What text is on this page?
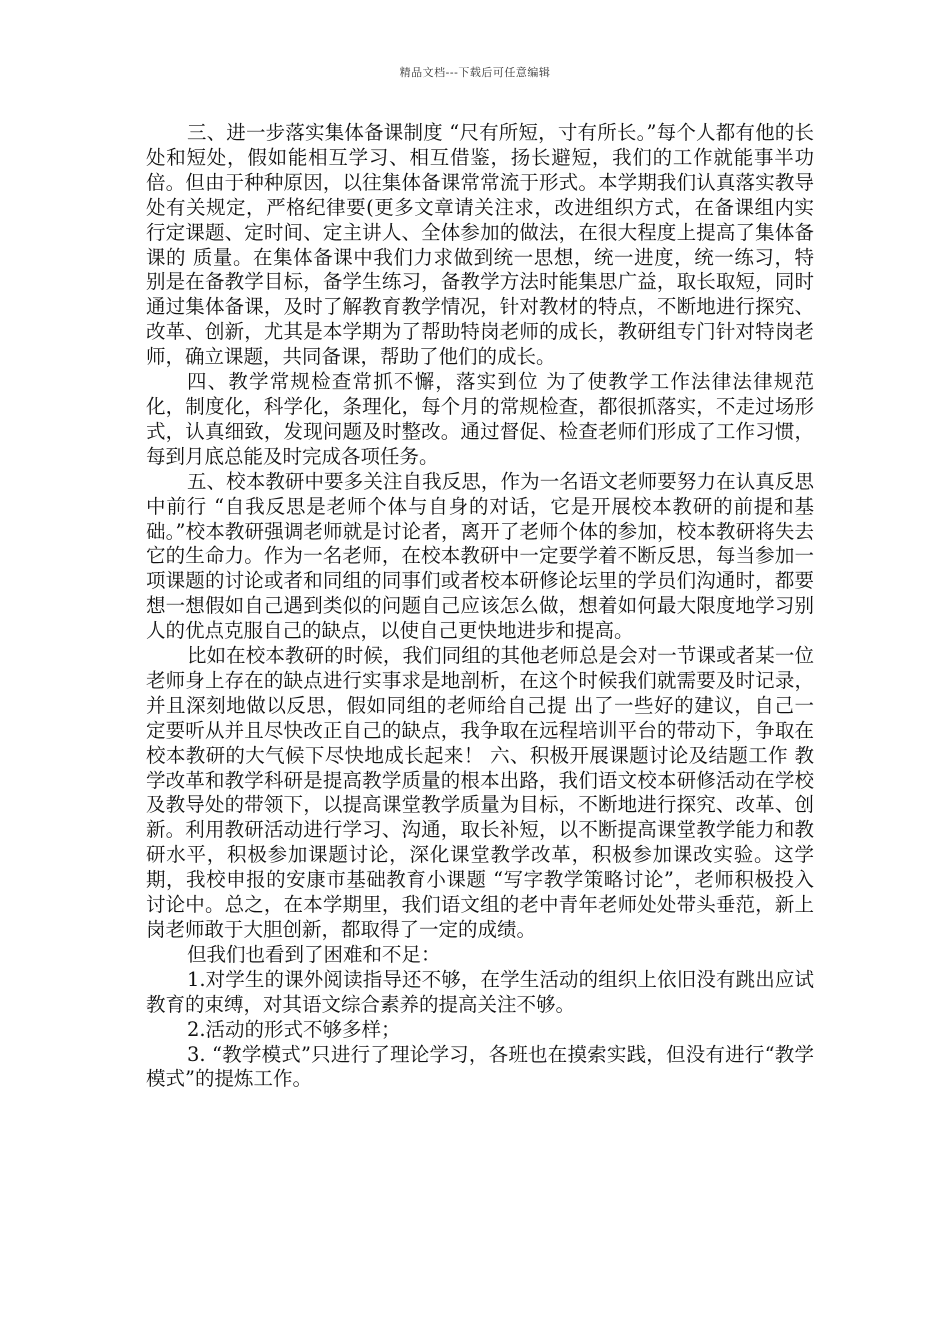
精品文档---下载后可任意编辑

三、进一步落实集体备课制度 “尺有所短，寸有所长。”每个人都有他的长处和短处，假如能相互学习、相互借鉴，扬长避短，我们的工作就能事半功倍。但由于种种原因，以往集体备课常常流于形式。本学期我们认真落实教导处有关规定，严格纪律要(更多文章请关注求，改进组织方式，在备课组内实行定课题、定时间、定主讲人、全体参加的做法，在很大程度上提高了集体备课的 质量。在集体备课中我们力求做到统一思想，统一进度，统一练习，特别是在备教学目标，备学生练习，备教学方法时能集思广益，取长取短，同时通过集体备课，及时了解教育教学情况，针对教材的特点，不断地进行探究、改革、创新，尤其是本学期为了帮助特岗老师的成长，教研组专门针对特岗老师，确立课题，共同备课，帮助了他们的成长。

四、教学常规检查常抓不懈，落实到位 为了使教学工作法律法律规范化，制度化，科学化，条理化，每个月的常规检查，都很抓落实，不走过场形式，认真细致，发现问题及时整改。通过督促、检查老师们形成了工作习惯，每到月底总能及时完成各项任务。

五、校本教研中要多关注自我反思，作为一名语文老师要努力在认真反思中前行 “自我反思是老师个体与自身的对话，它是开展校本教研的前提和基础。”校本教研强调老师就是讨论者，离开了老师个体的参加，校本教研将失去它的生命力。作为一名老师，在校本教研中一定要学着不断反思，每当参加一项课题的讨论或者和同组的同事们或者校本研修论坛里的学员们沟通时，都要想一想假如自己遇到类似的问题自己应该怎么做，想着如何最大限度地学习别人的优点克服自己的缺点，以使自己更快地进步和提高。

比如在校本教研的时候，我们同组的其他老师总是会对一节课或者某一位老师身上存在的缺点进行实事求是地剖析，在这个时候我们就需要及时记录，并且深刻地做以反思，假如同组的老师给自己提 出了一些好的建议，自己一定要听从并且尽快改正自己的缺点，我争取在远程培训平台的带动下，争取在校本教研的大气候下尽快地成长起来！ 六、积极开展课题讨论及结题工作 教学改革和教学科研是提高教学质量的根本出路，我们语文校本研修活动在学校及教导处的带领下，以提高课堂教学质量为目标，不断地进行探究、改革、创新。利用教研活动进行学习、沟通，取长补短，以不断提高课堂教学能力和教研水平，积极参加课题讨论，深化课堂教学改革，积极参加课改实验。这学期，我校申报的安康市基础教育小课题 “写字教学策略讨论”，老师积极投入讨论中。总之，在本学期里，我们语文组的老中青年老师处处带头垂范，新上岗老师敢于大胆创新，都取得了一定的成绩。

但我们也看到了困难和不足：

1.对学生的课外阅读指导还不够，在学生活动的组织上依旧没有跳出应试教育的束缚，对其语文综合素养的提高关注不够。

2.活动的形式不够多样；

3. “教学模式”只进行了理论学习，各班也在摸索实践，但没有进行“教学模式”的提炼工作。
